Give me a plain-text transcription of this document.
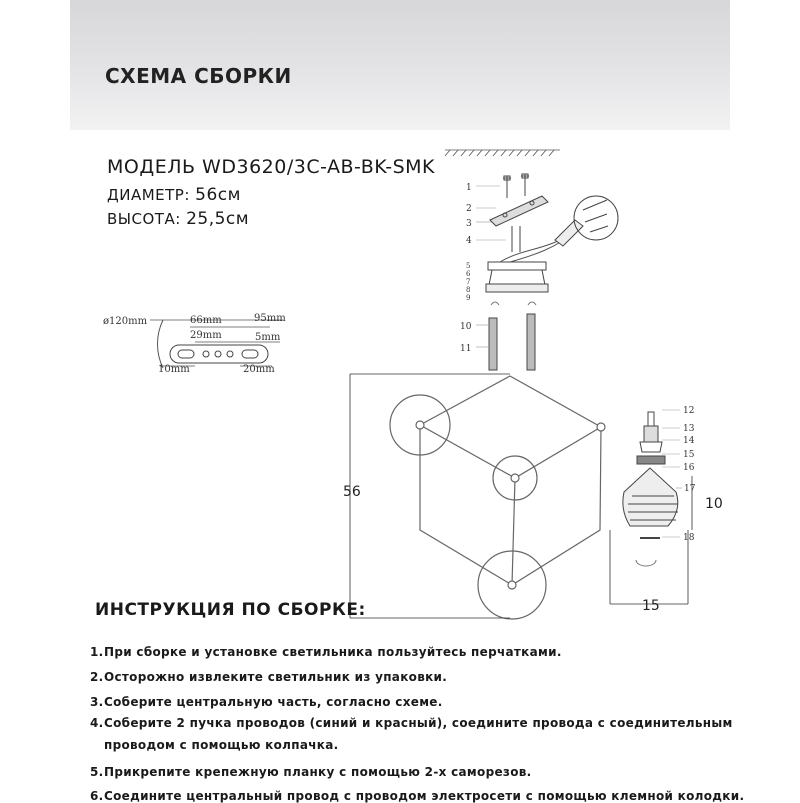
СХЕМА СБОРКИ
МОДЕЛЬ WD3620/3C-AB-BK-SMK
ДИАМЕТР: 56см
ВЫСОТА: 25,5см
1
2
3
4
5
6
7
8
9
10
11
ø120mm	66mm	95mm
29mm	5mm
10mm	20mm
56
12
13
14
15
16
17
18
10
15
ИНСТРУКЦИЯ ПО СБОРКЕ:
1.При сборке и установке светильника пользуйтесь перчатками.
2.Осторожно извлеките светильник из упаковки.
3.Соберите центральную часть, согласно схеме.
4.Соберите 2 пучка проводов (синий и красный), соедините провода с соединительным
проводом с помощью колпачка.
5.Прикрепите крепежную планку с помощью 2-х саморезов.
6.Соедините центральный провод с проводом электросети с помощью клемной колодки.
